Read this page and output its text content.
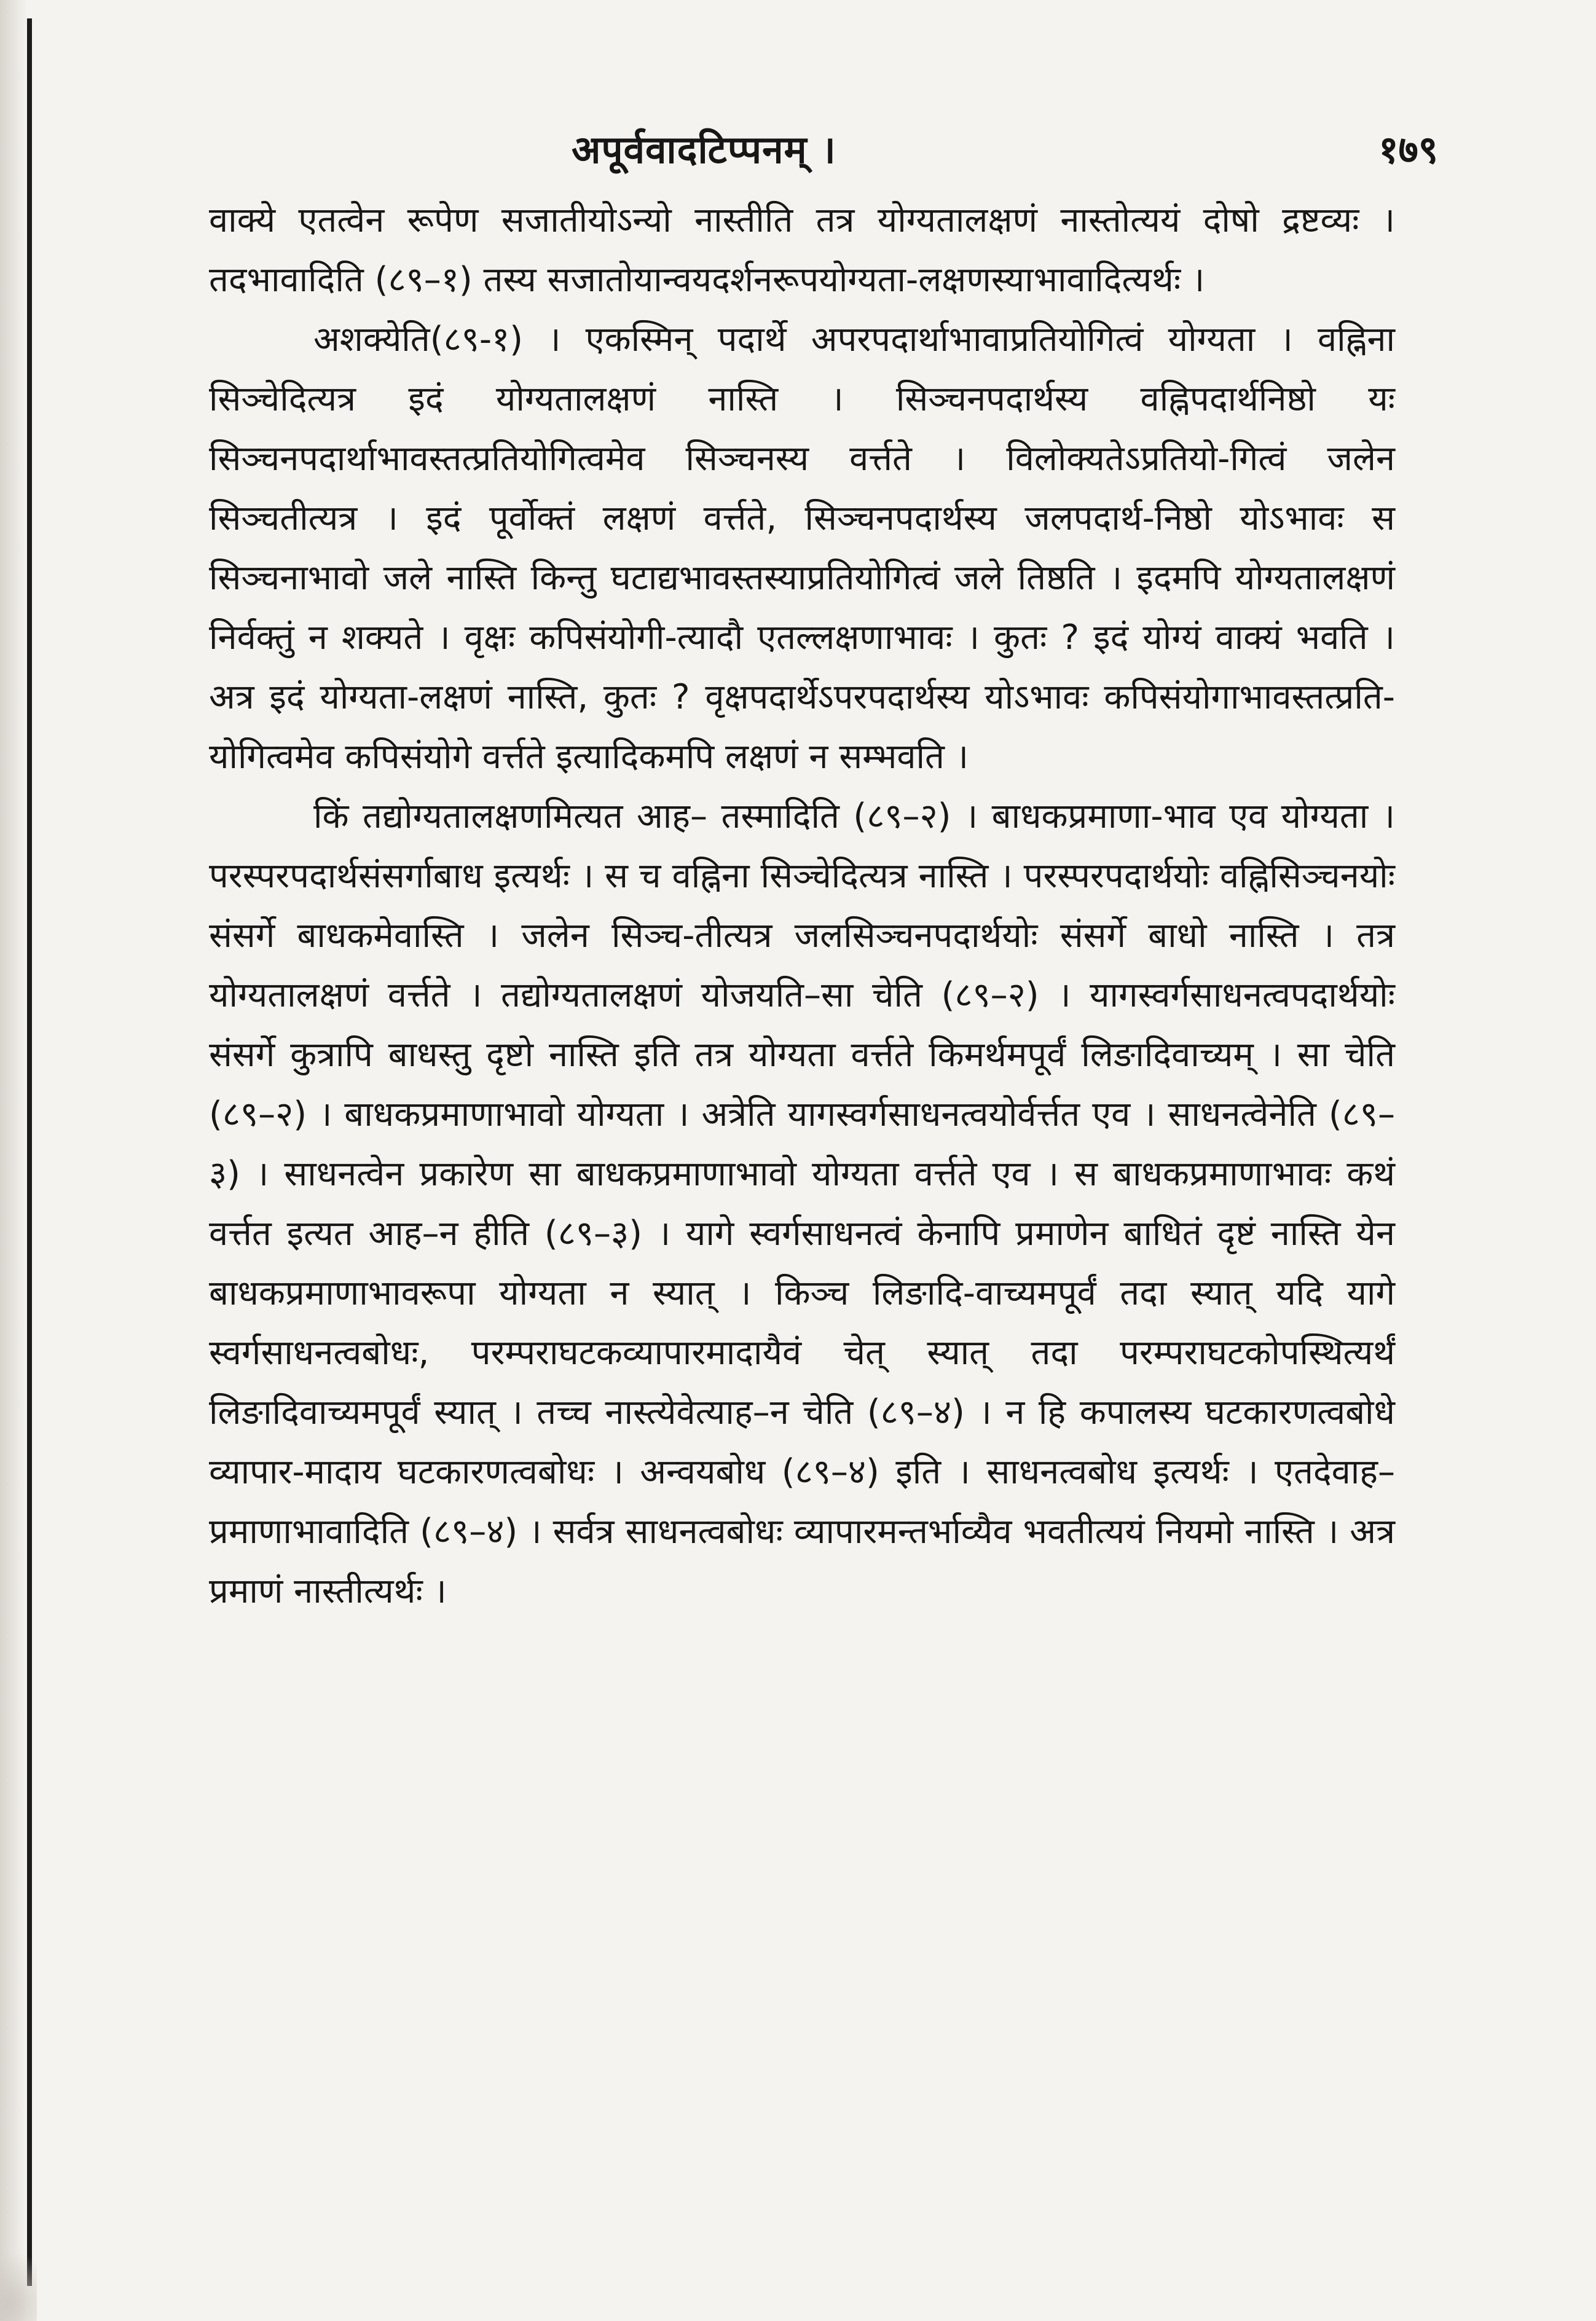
अपूर्ववादटिप्पनम् ।	१७९

वाक्ये एतत्वेन रूपेण सजातीयोऽन्यो नास्तीति तत्र योग्यतालक्षणं नास्तोत्ययं दोषो द्रष्टव्यः । तदभावादिति (८९–१) तस्य सजातोयान्वयदर्शनरूपयोग्यता-लक्षणस्याभावादित्यर्थः ।

अशक्येति(८९-१) । एकस्मिन् पदार्थे अपरपदार्थाभावाप्रतियोगित्वं योग्यता । वह्निना सिञ्चेदित्यत्र इदं योग्यतालक्षणं नास्ति । सिञ्चनपदार्थस्य वह्निपदार्थनिष्ठो यः सिञ्चनपदार्थाभावस्तत्प्रतियोगित्वमेव सिञ्चनस्य वर्त्तते । विलोक्यतेऽप्रतियो-गित्वं जलेन सिञ्चतीत्यत्र । इदं पूर्वोक्तं लक्षणं वर्त्तते, सिञ्चनपदार्थस्य जलपदार्थ-निष्ठो योऽभावः स सिञ्चनाभावो जले नास्ति किन्तु घटाद्यभावस्तस्याप्रतियोगित्वं जले तिष्ठति । इदमपि योग्यतालक्षणं निर्वक्तुं न शक्यते । वृक्षः कपिसंयोगी-त्यादौ एतल्लक्षणाभावः । कुतः ? इदं योग्यं वाक्यं भवति । अत्र इदं योग्यता-लक्षणं नास्ति, कुतः ? वृक्षपदार्थेऽपरपदार्थस्य योऽभावः कपिसंयोगाभावस्तत्प्रति-योगित्वमेव कपिसंयोगे वर्त्तते इत्यादिकमपि लक्षणं न सम्भवति ।

किं तद्योग्यतालक्षणमित्यत आह– तस्मादिति (८९–२) । बाधकप्रमाणा-भाव एव योग्यता । परस्परपदार्थसंसर्गाबाध इत्यर्थः । स च वह्निना सिञ्चेदित्यत्र नास्ति । परस्परपदार्थयोः वह्निसिञ्चनयोः संसर्गे बाधकमेवास्ति । जलेन सिञ्च-तीत्यत्र जलसिञ्चनपदार्थयोः संसर्गे बाधो नास्ति । तत्र योग्यतालक्षणं वर्त्तते । तद्योग्यतालक्षणं योजयति–सा चेति (८९–२) । यागस्वर्गसाधनत्वपदार्थयोः संसर्गे कुत्रापि बाधस्तु दृष्टो नास्ति इति तत्र योग्यता वर्त्तते किमर्थमपूर्वं लिङादिवाच्यम् । सा चेति (८९–२) । बाधकप्रमाणाभावो योग्यता । अत्रेति यागस्वर्गसाधनत्वयोर्वर्त्तत एव । साधनत्वेनेति (८९–३) । साधनत्वेन प्रकारेण सा बाधकप्रमाणाभावो योग्यता वर्त्तते एव । स बाधकप्रमाणाभावः कथं वर्त्तत इत्यत आह–न हीति (८९–३) । यागे स्वर्गसाधनत्वं केनापि प्रमाणेन बाधितं दृष्टं नास्ति येन बाधकप्रमाणाभावरूपा योग्यता न स्यात् । किञ्च लिङादि-वाच्यमपूर्वं तदा स्यात् यदि यागे स्वर्गसाधनत्वबोधः, परम्पराघटकव्यापारमादायैवं चेत् स्यात् तदा परम्पराघटकोपस्थित्यर्थं लिङादिवाच्यमपूर्वं स्यात् । तच्च नास्त्येवेत्याह–न चेति (८९–४) । न हि कपालस्य घटकारणत्वबोधे व्यापार-मादाय घटकारणत्वबोधः । अन्वयबोध (८९–४) इति । साधनत्वबोध इत्यर्थः । एतदेवाह–प्रमाणाभावादिति (८९–४) । सर्वत्र साधनत्वबोधः व्यापारमन्तर्भाव्यैव भवतीत्ययं नियमो नास्ति । अत्र प्रमाणं नास्तीत्यर्थः ।
